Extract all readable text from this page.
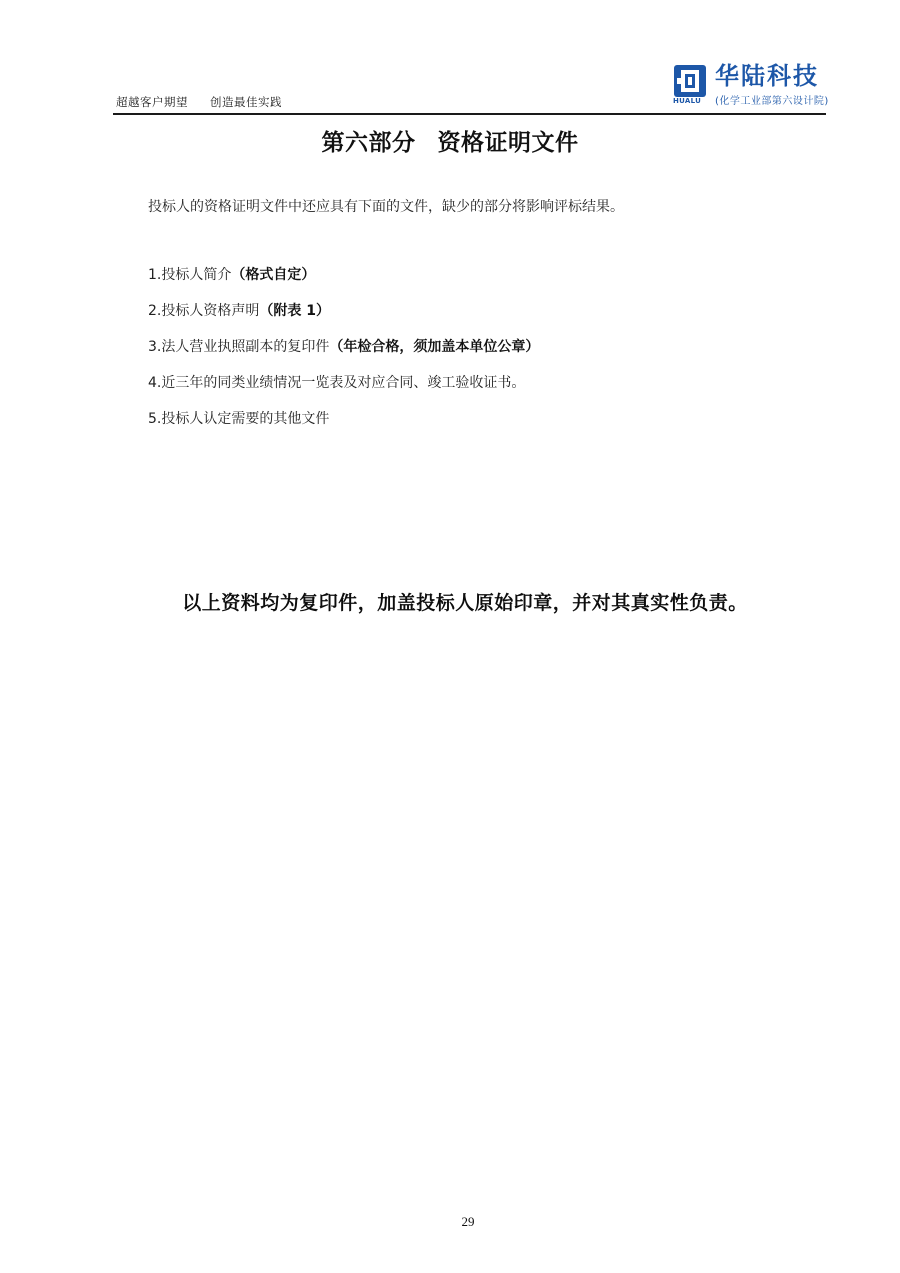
超越客户期望 创造最佳实践	HUALU
华陆科技
(化学工业部第六设计院)
第六部分 资格证明文件
投标人的资格证明文件中还应具有下面的文件，缺少的部分将影响评标结果。
1.投标人简介（格式自定）
2.投标人资格声明（附表 1）
3.法人营业执照副本的复印件（年检合格，须加盖本单位公章）
4.近三年的同类业绩情况一览表及对应合同、竣工验收证书。
5.投标人认定需要的其他文件
以上资料均为复印件，加盖投标人原始印章，并对其真实性负责。
29
